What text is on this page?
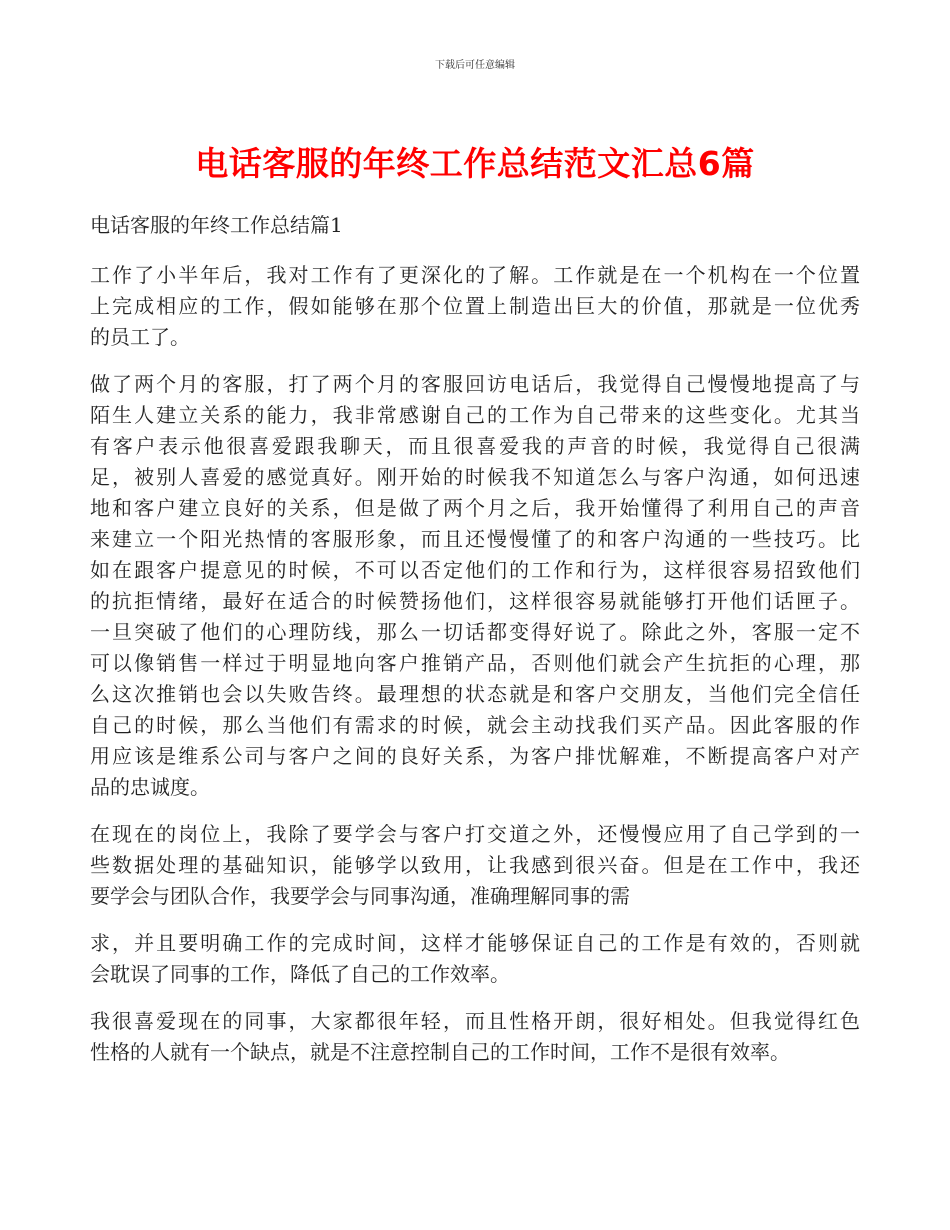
下载后可任意编辑
电话客服的年终工作总结范文汇总6篇
电话客服的年终工作总结篇1
工作了小半年后，我对工作有了更深化的了解。工作就是在一个机构在一个位置
上完成相应的工作，假如能够在那个位置上制造出巨大的价值，那就是一位优秀
的员工了。
做了两个月的客服，打了两个月的客服回访电话后，我觉得自己慢慢地提高了与
陌生人建立关系的能力，我非常感谢自己的工作为自己带来的这些变化。尤其当
有客户表示他很喜爱跟我聊天，而且很喜爱我的声音的时候，我觉得自己很满
足，被别人喜爱的感觉真好。刚开始的时候我不知道怎么与客户沟通，如何迅速
地和客户建立良好的关系，但是做了两个月之后，我开始懂得了利用自己的声音
来建立一个阳光热情的客服形象，而且还慢慢懂了的和客户沟通的一些技巧。比
如在跟客户提意见的时候，不可以否定他们的工作和行为，这样很容易招致他们
的抗拒情绪，最好在适合的时候赞扬他们，这样很容易就能够打开他们话匣子。
一旦突破了他们的心理防线，那么一切话都变得好说了。除此之外，客服一定不
可以像销售一样过于明显地向客户推销产品，否则他们就会产生抗拒的心理，那
么这次推销也会以失败告终。最理想的状态就是和客户交朋友，当他们完全信任
自己的时候，那么当他们有需求的时候，就会主动找我们买产品。因此客服的作
用应该是维系公司与客户之间的良好关系，为客户排忧解难，不断提高客户对产
品的忠诚度。
在现在的岗位上，我除了要学会与客户打交道之外，还慢慢应用了自己学到的一
些数据处理的基础知识，能够学以致用，让我感到很兴奋。但是在工作中，我还
要学会与团队合作，我要学会与同事沟通，准确理解同事的需
求，并且要明确工作的完成时间，这样才能够保证自己的工作是有效的，否则就
会耽误了同事的工作，降低了自己的工作效率。
我很喜爱现在的同事，大家都很年轻，而且性格开朗，很好相处。但我觉得红色
性格的人就有一个缺点，就是不注意控制自己的工作时间，工作不是很有效率。
